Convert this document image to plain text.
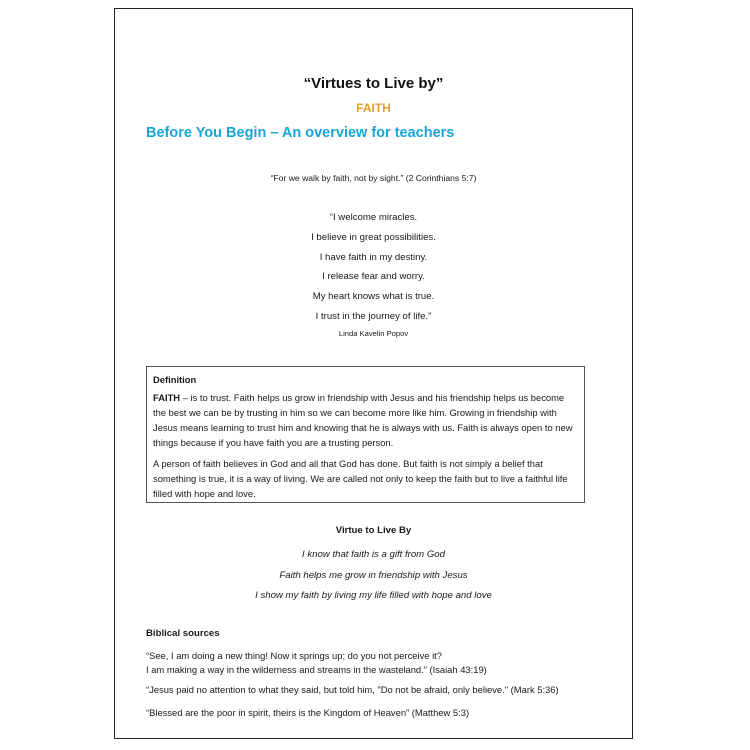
“Virtues to Live by”
FAITH
Before You Begin – An overview for teachers
“For we walk by faith, not by sight.” (2 Corinthians 5:7)
“I welcome miracles.
I believe in great possibilities.
I have faith in my destiny.
I release fear and worry.
My heart knows what is true.
I trust in the journey of life.”
Linda Kavelin Popov
Definition

FAITH – is to trust. Faith helps us grow in friendship with Jesus and his friendship helps us become the best we can be by trusting in him so we can become more like him. Growing in friendship with Jesus means learning to trust him and knowing that he is always with us. Faith is always open to new things because if you have faith you are a trusting person.

A person of faith believes in God and all that God has done. But faith is not simply a belief that something is true, it is a way of living. We are called not only to keep the faith but to live a faithful life filled with hope and love.

Virtue to Live By
I know that faith is a gift from God
Faith helps me grow in friendship with Jesus
I show my faith by living my life filled with hope and love
Biblical sources
“See, I am doing a new thing! Now it springs up; do you not perceive it?
I am making a way in the wilderness and streams in the wasteland.” (Isaiah 43:19)
“Jesus paid no attention to what they said, but told him, "Do not be afraid, only believe." (Mark 5:36)
“Blessed are the poor in spirit, theirs is the Kingdom of Heaven” (Matthew 5:3)
